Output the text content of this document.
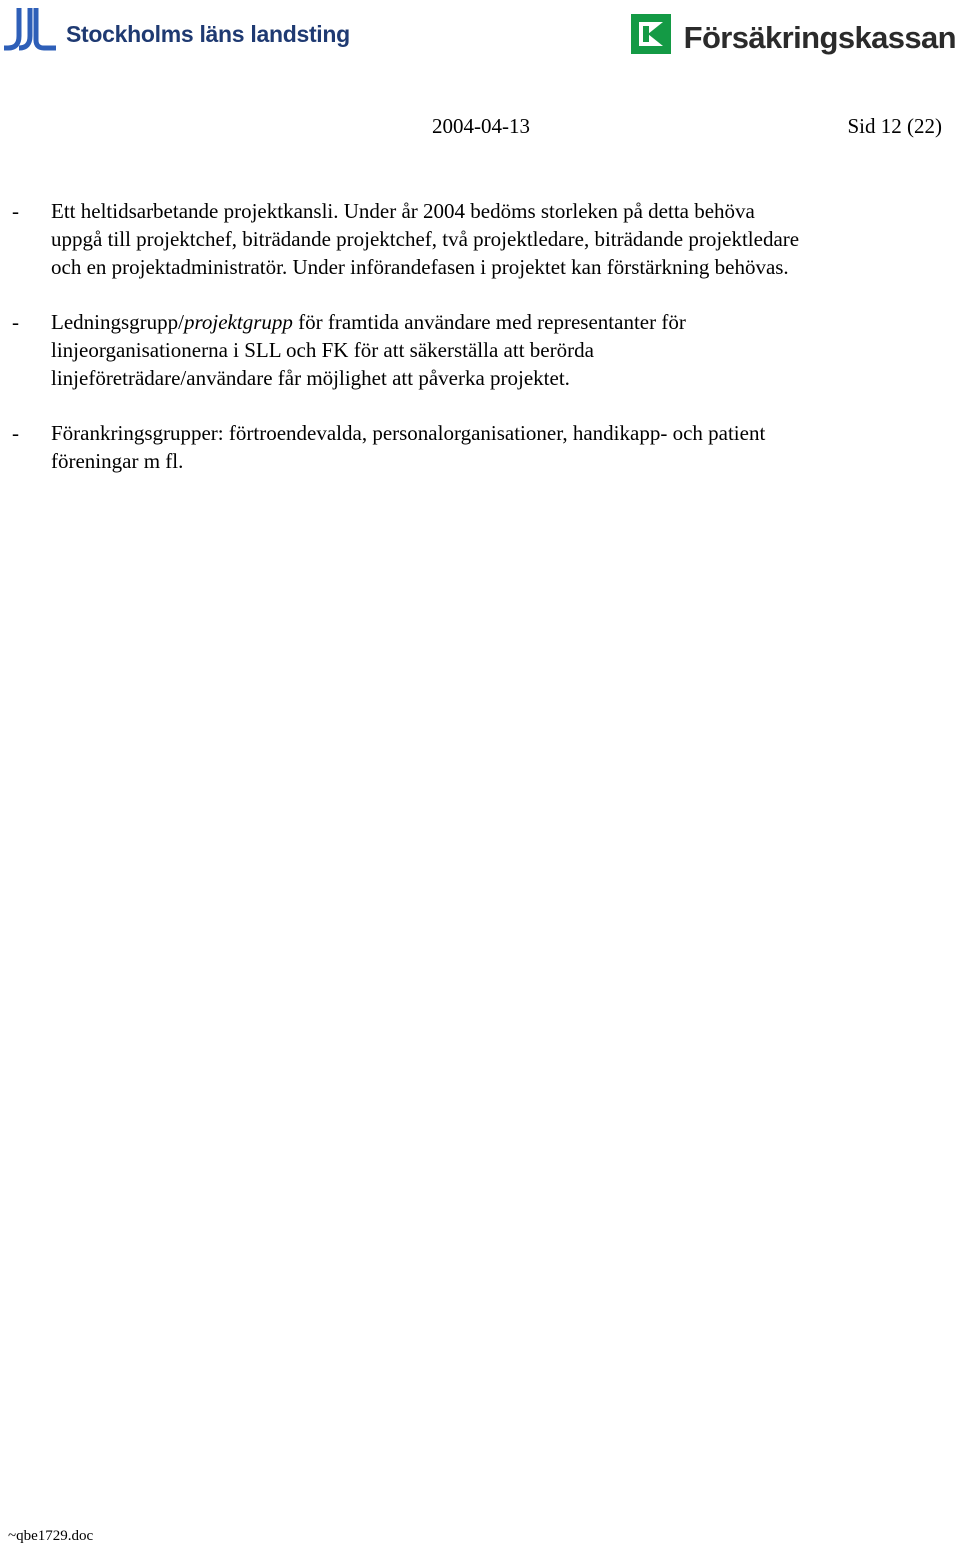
Stockholms läns landsting	Försäkringskassan
2004-04-13	Sid 12 (22)
-	Ett heltidsarbetande projektkansli. Under år 2004 bedöms storleken på detta behöva uppgå till projektchef, biträdande projektchef, två projektledare, biträdande projektledare och en projektadministratör. Under införandefasen i projektet kan förstärkning behövas.
-	Ledningsgrupp/projektgrupp för framtida användare med representanter för linjeorganisationerna i SLL och FK för att säkerställa att berörda linjeföreträdare/användare får möjlighet att påverka projektet.
-	Förankringsgrupper: förtroendevalda, personalorganisationer, handikapp- och patient föreningar m fl.
~qbe1729.doc
